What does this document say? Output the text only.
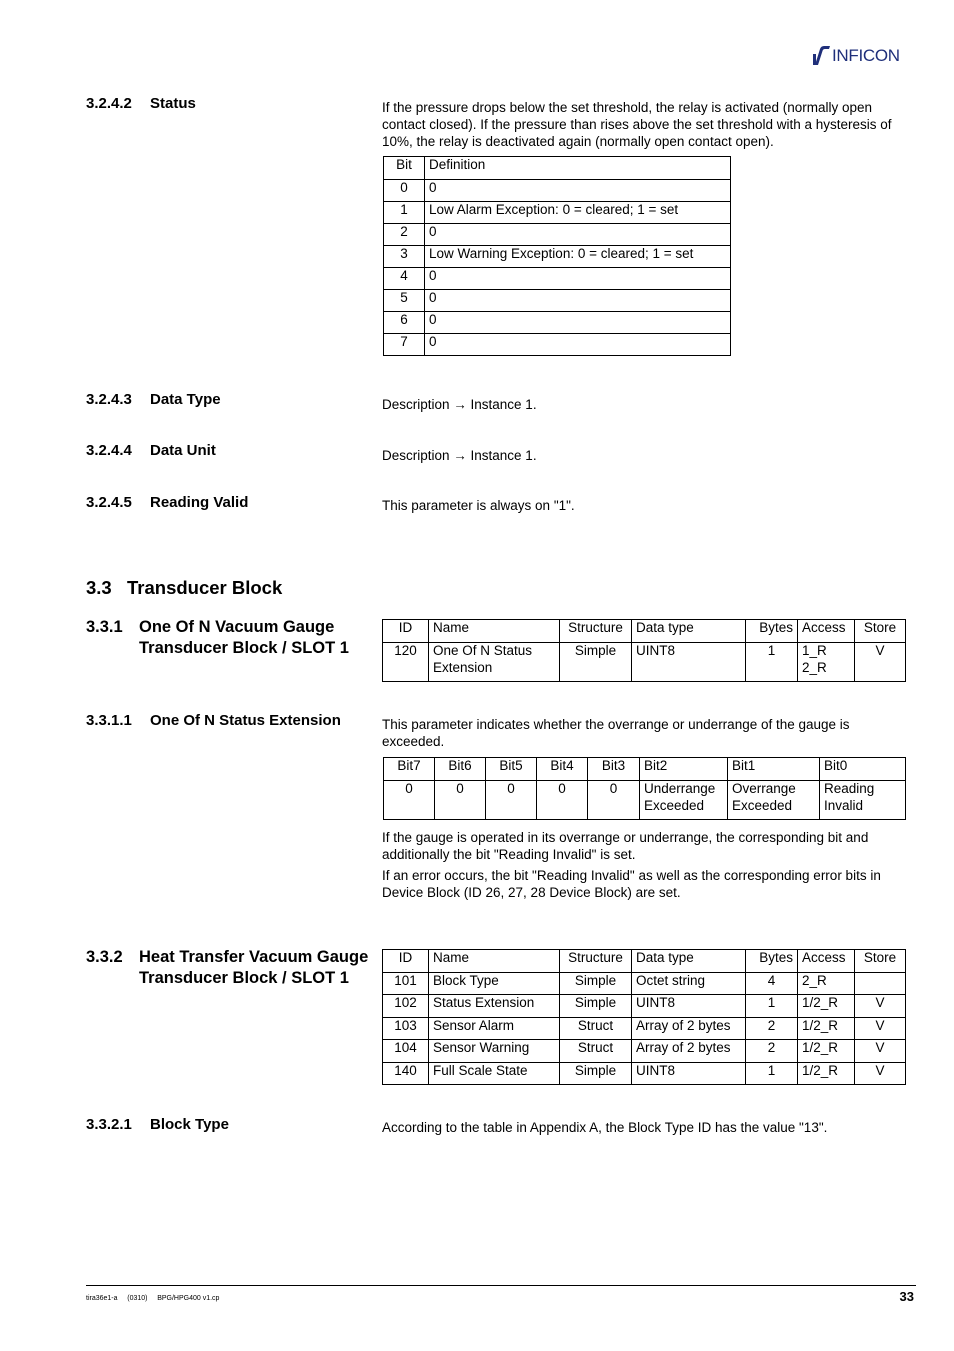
INFICON
3.2.4.2 Status	If the pressure drops below the set threshold, the relay is activated (normally open contact closed). If the pressure than rises above the set threshold with a hysteresis of 10%, the relay is deactivated again (normally open contact open).
Bit	Definition
0	0
1	Low Alarm Exception: 0 = cleared; 1 = set
2	0
3	Low Warning Exception: 0 = cleared; 1 = set
4	0
5	0
6	0
7	0
3.2.4.3 Data Type	Description → Instance 1.
3.2.4.4 Data Unit	Description → Instance 1.
3.2.4.5 Reading Valid	This parameter is always on "1".
3.3 Transducer Block
3.3.1 One Of N Vacuum Gauge Transducer Block / SLOT 1
ID	Name	Structure	Data type	Bytes	Access	Store
120	One Of N Status Extension	Simple	UINT8	1	1_R 2_R	V
3.3.1.1 One Of N Status Extension	This parameter indicates whether the overrange or underrange of the gauge is exceeded.
Bit7	Bit6	Bit5	Bit4	Bit3	Bit2	Bit1	Bit0
0	0	0	0	0	Underrange Exceeded	Overrange Exceeded	Reading Invalid
If the gauge is operated in its overrange or underrange, the corresponding bit and additionally the bit "Reading Invalid" is set.
If an error occurs, the bit "Reading Invalid" as well as the corresponding error bits in Device Block (ID 26, 27, 28 Device Block) are set.
3.3.2 Heat Transfer Vacuum Gauge Transducer Block / SLOT 1
ID	Name	Structure	Data type	Bytes	Access	Store
101	Block Type	Simple	Octet string	4	2_R	
102	Status Extension	Simple	UINT8	1	1/2_R	V
103	Sensor Alarm	Struct	Array of 2 bytes	2	1/2_R	V
104	Sensor Warning	Struct	Array of 2 bytes	2	1/2_R	V
140	Full Scale State	Simple	UINT8	1	1/2_R	V
3.3.2.1 Block Type	According to the table in Appendix A, the Block Type ID has the value "13".
tira36e1-a     (0310)     BPG/HPG400 v1.cp	33
